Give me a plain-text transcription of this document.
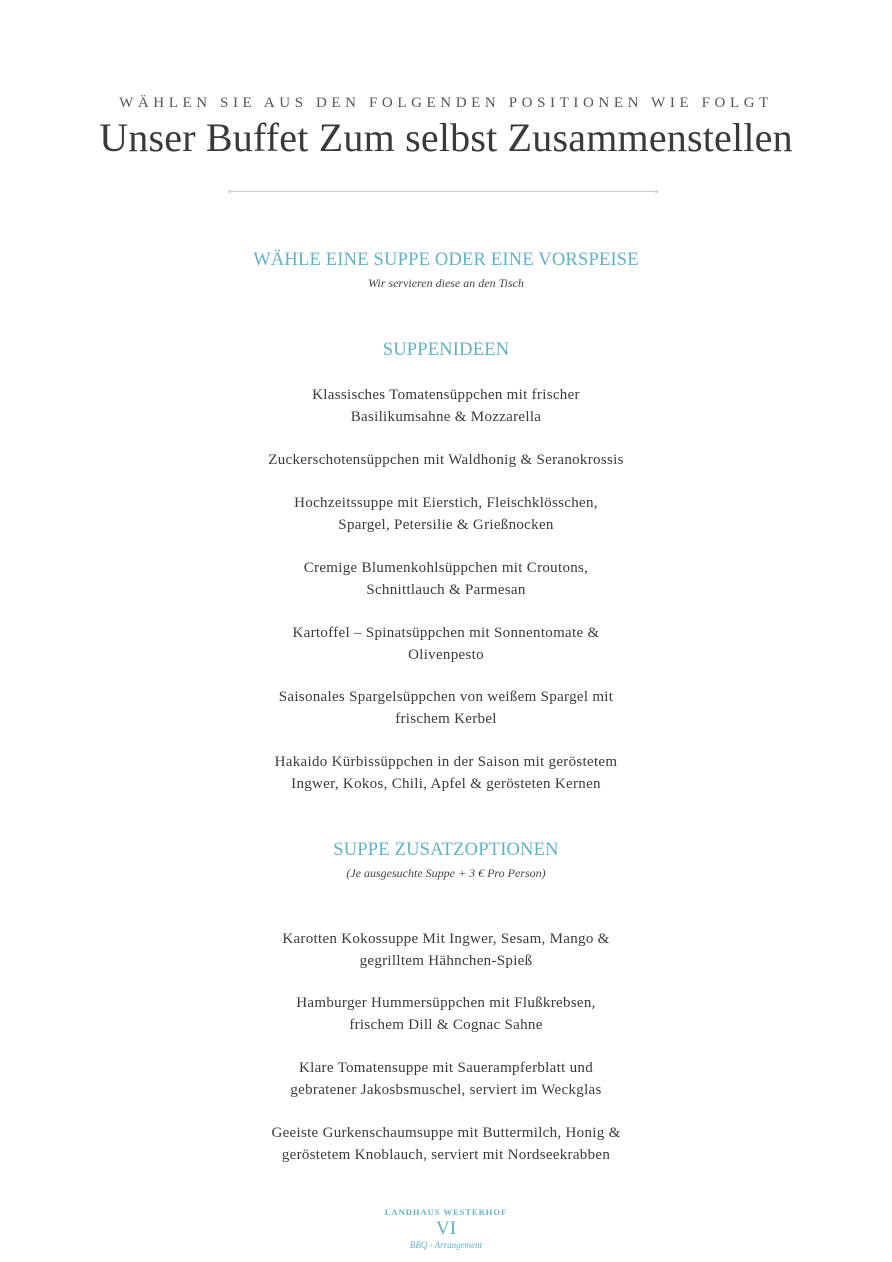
WÄHLEN SIE AUS DEN FOLGENDEN POSITIONEN WIE FOLGT
Unser Buffet Zum selbst Zusammenstellen
WÄHLE EINE SUPPE ODER EINE VORSPEISE
Wir servieren diese an den Tisch
SUPPENIDEEN
Klassisches Tomatensüppchen mit frischer
Basilikumsahne & Mozzarella
Zuckerschotensüppchen mit Waldhonig & Seranokrossis
Hochzeitssuppe mit Eierstich, Fleischklösschen,
Spargel, Petersilie & Grießnocken
Cremige Blumenkohlsüppchen mit Croutons,
Schnittlauch & Parmesan
Kartoffel – Spinatsüppchen mit Sonnentomate &
Olivenpesto
Saisonales Spargelsüppchen von weißem Spargel mit
frischem Kerbel
Hakaido Kürbissüppchen in der Saison mit geröstetem
Ingwer, Kokos, Chili, Apfel & gerösteten Kernen
SUPPE ZUSATZOPTIONEN
(Je ausgesuchte Suppe + 3 € Pro Person)
Karotten Kokossuppe Mit Ingwer, Sesam, Mango &
gegrilltem Hähnchen-Spieß
Hamburger Hummersüppchen mit Flußkrebsen,
frischem Dill & Cognac Sahne
Klare Tomatensuppe mit Sauerampferblatt und
gebratener Jakosbsmuschel, serviert im Weckglas
Geeiste Gurkenschaumsuppe mit Buttermilch, Honig &
geröstetem Knoblauch, serviert mit Nordseekrabben
LANDHAUS WESTERHOF
VI
BBQ - Arrangement
